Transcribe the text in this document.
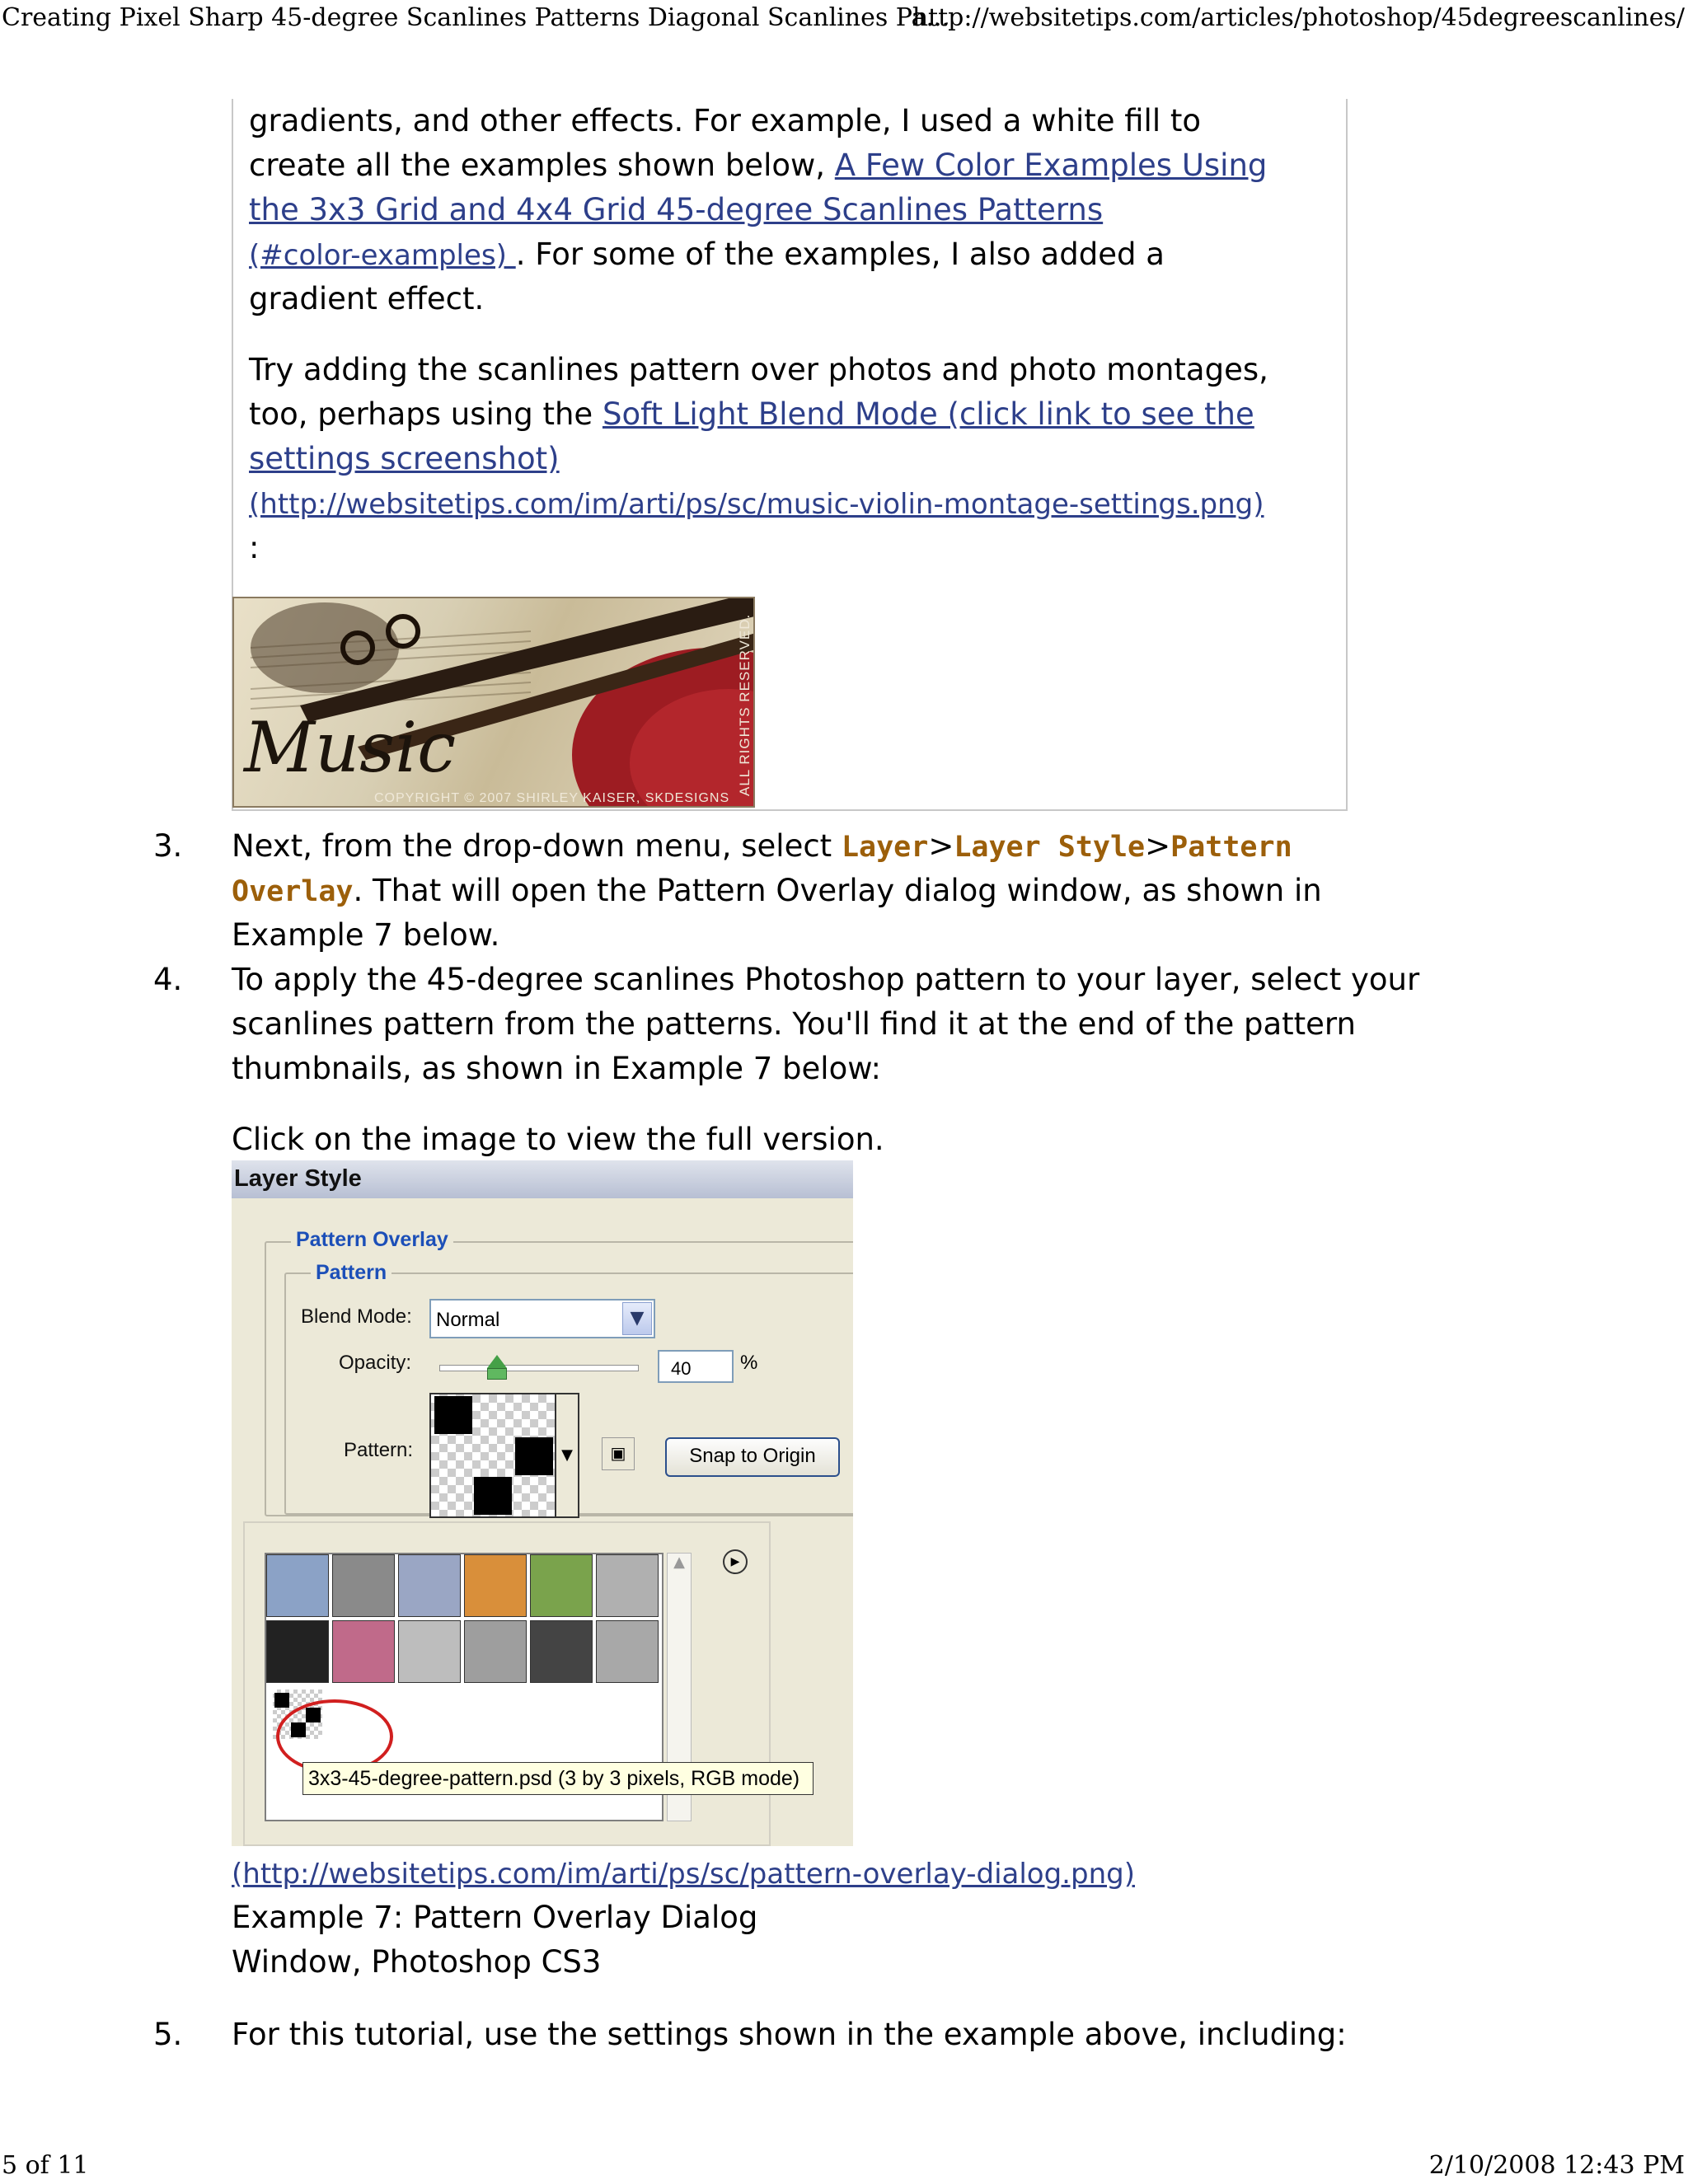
Creating Pixel Sharp 45-degree Scanlines Patterns Diagonal Scanlines Pa...
http://websitetips.com/articles/photoshop/45degreescanlines/
gradients, and other effects. For example, I used a white fill to
create all the examples shown below, A Few Color Examples Using
the 3x3 Grid and 4x4 Grid 45-degree Scanlines Patterns
(#color-examples) . For some of the examples, I also added a
gradient effect.
Try adding the scanlines pattern over photos and photo montages,
too, perhaps using the Soft Light Blend Mode (click link to see the
settings screenshot)
(http://websitetips.com/im/arti/ps/sc/music-violin-montage-settings.png)
:
Music
COPYRIGHT © 2007 SHIRLEY KAISER, SKDESIGNS
ALL RIGHTS RESERVED.
3. Next, from the drop-down menu, select Layer>Layer Style>Pattern
Overlay. That will open the Pattern Overlay dialog window, as shown in
Example 7 below.
4. To apply the 45-degree scanlines Photoshop pattern to your layer, select your
scanlines pattern from the patterns. You'll find it at the end of the pattern
thumbnails, as shown in Example 7 below:
Click on the image to view the full version.
Layer Style
Pattern Overlay
Pattern
Blend Mode: Normal	▼
Opacity:	40	%
Pattern:	▼	▣	Snap to Origin
▲	▶
3x3-45-degree-pattern.psd (3 by 3 pixels, RGB mode)
(http://websitetips.com/im/arti/ps/sc/pattern-overlay-dialog.png)
Example 7: Pattern Overlay Dialog
Window, Photoshop CS3
5. For this tutorial, use the settings shown in the example above, including:
5 of 11	2/10/2008 12:43 PM
